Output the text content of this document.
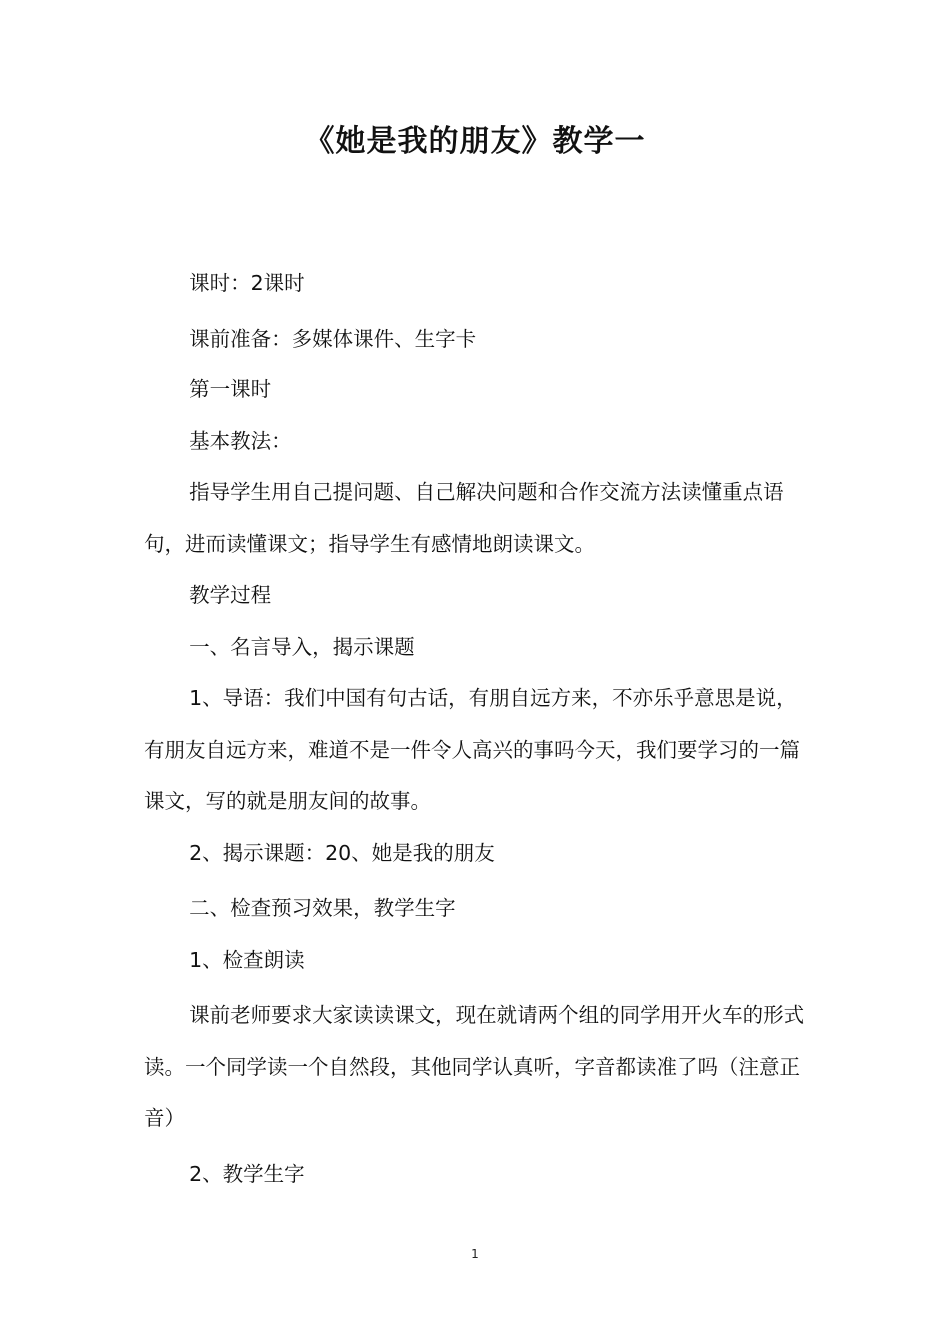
《她是我的朋友》教学一

课时：2课时

课前准备：多媒体课件、生字卡

第一课时

基本教法：

指导学生用自己提问题、自己解决问题和合作交流方法读懂重点语句，进而读懂课文；指导学生有感情地朗读课文。

教学过程

一、名言导入，揭示课题

1、导语：我们中国有句古话，有朋自远方来，不亦乐乎意思是说，有朋友自远方来，难道不是一件令人高兴的事吗今天，我们要学习的一篇课文，写的就是朋友间的故事。

2、揭示课题：20、她是我的朋友

二、检查预习效果，教学生字

1、检查朗读

课前老师要求大家读读课文，现在就请两个组的同学用开火车的形式读。一个同学读一个自然段，其他同学认真听，字音都读准了吗（注意正音）

2、教学生字

1
